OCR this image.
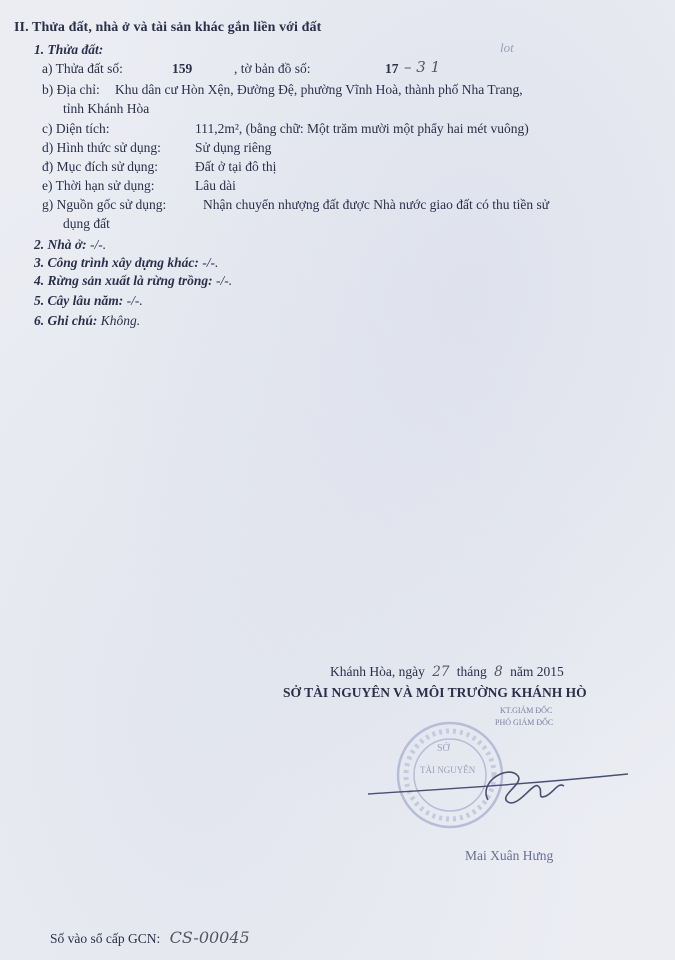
II. Thửa đất, nhà ở và tài sản khác gắn liền với đất
1. Thửa đất:
a) Thửa đất số:	159	, tờ bản đồ số:	17 – 3 1
lot
b) Địa chỉ: Khu dân cư Hòn Xện, Đường Đệ, phường Vĩnh Hoà, thành phố Nha Trang,
tỉnh Khánh Hòa
c) Diện tích:	111,2m², (bằng chữ: Một trăm mười một phẩy hai mét vuông)
d) Hình thức sử dụng:	Sử dụng riêng
đ) Mục đích sử dụng:	Đất ở tại đô thị
e) Thời hạn sử dụng:	Lâu dài
g) Nguồn gốc sử dụng:	Nhận chuyển nhượng đất được Nhà nước giao đất có thu tiền sử
dụng đất
2. Nhà ở: -/-.
3. Công trình xây dựng khác: -/-.
4. Rừng sản xuất là rừng trồng: -/-.
5. Cây lâu năm: -/-.
6. Ghi chú: Không.
Khánh Hòa, ngày 27 tháng 8 năm 2015
SỞ TÀI NGUYÊN VÀ MÔI TRƯỜNG KHÁNH HÒ
KT.GIÁM ĐỐC
PHÓ GIÁM ĐỐC
SỞ
TÀI NGUYÊN
Mai Xuân Hưng
Số vào sổ cấp GCN: CS-00045
